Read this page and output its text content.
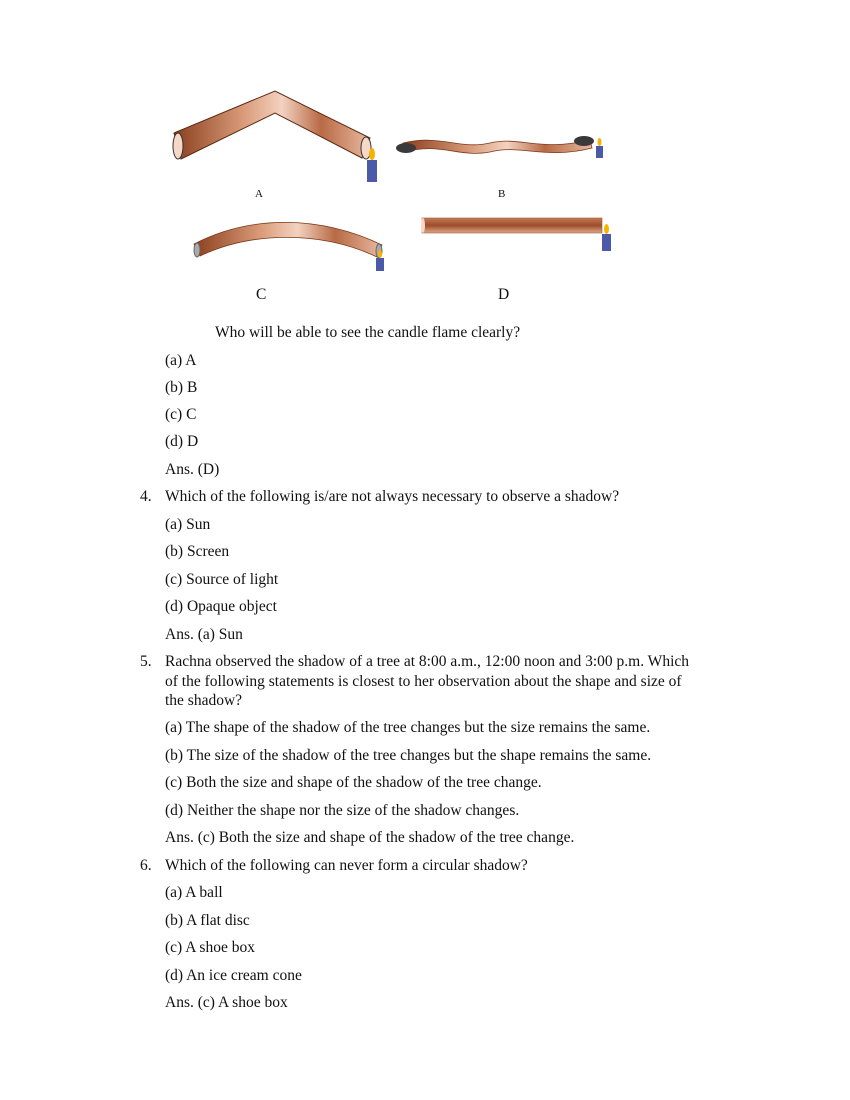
A	B
C	D
Who will be able to see the candle flame clearly?
(a) A
(b) B
(c) C
(d) D
Ans. (D)
4. Which of the following is/are not always necessary to observe a shadow?
(a) Sun
(b) Screen
(c) Source of light
(d) Opaque object
Ans. (a) Sun
5. Rachna observed the shadow of a tree at 8:00 a.m., 12:00 noon and 3:00 p.m. Which
of the following statements is closest to her observation about the shape and size of
the shadow?
(a) The shape of the shadow of the tree changes but the size remains the same.
(b) The size of the shadow of the tree changes but the shape remains the same.
(c) Both the size and shape of the shadow of the tree change.
(d) Neither the shape nor the size of the shadow changes.
Ans. (c) Both the size and shape of the shadow of the tree change.
6. Which of the following can never form a circular shadow?
(a) A ball
(b) A flat disc
(c) A shoe box
(d) An ice cream cone
Ans. (c) A shoe box
